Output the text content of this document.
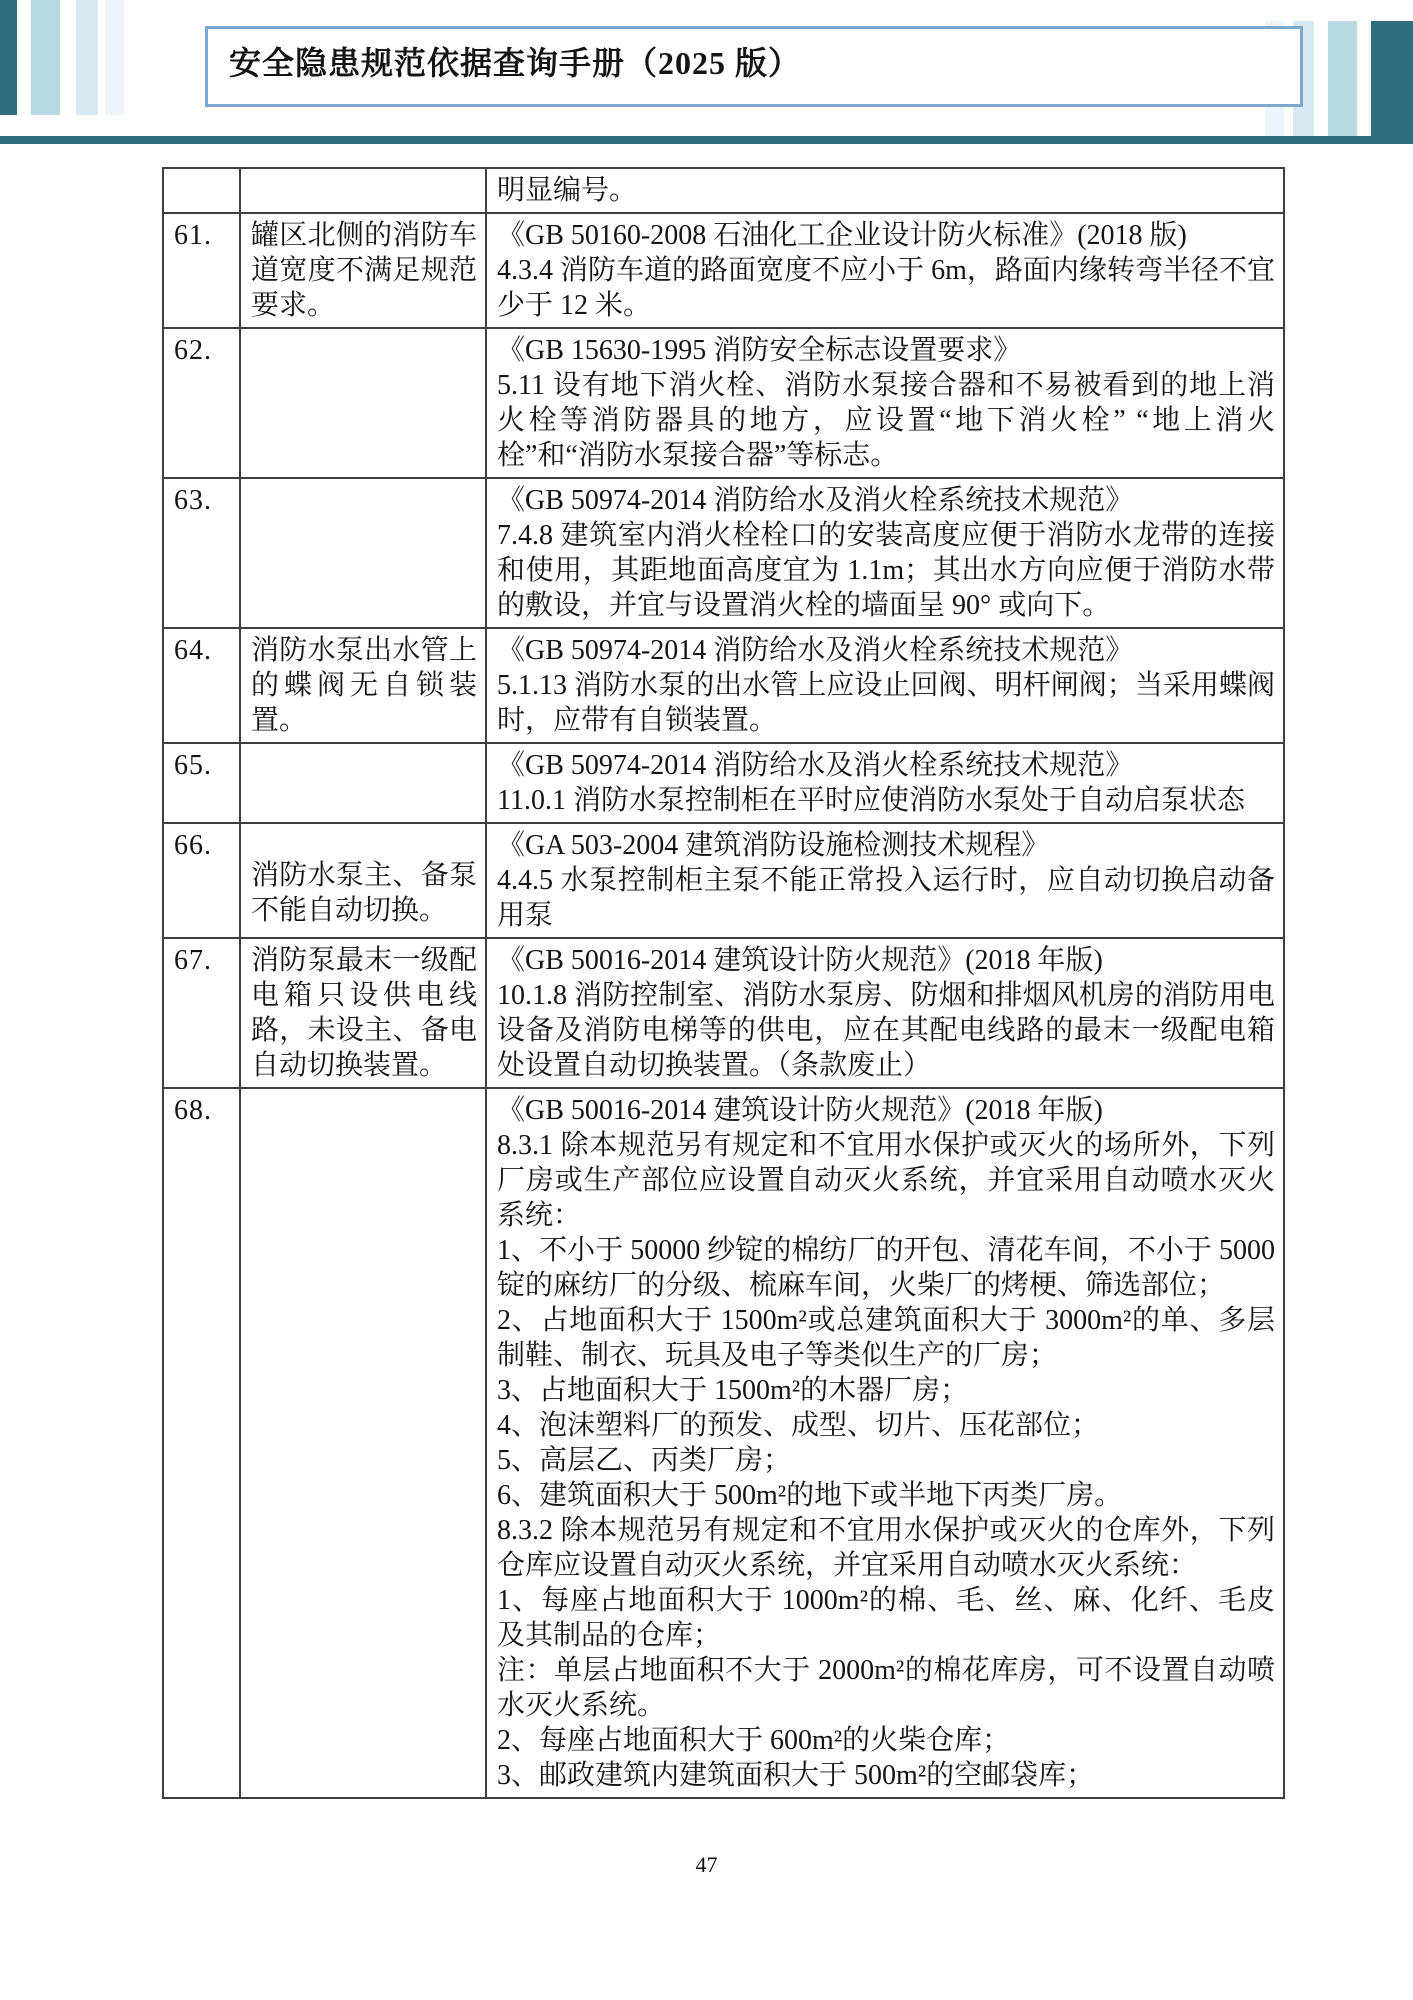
安全隐患规范依据查询手册（2025 版）

		明显编号。

61.	罐区北侧的消防车道宽度不满足规范要求。	《GB 50160-2008 石油化工企业设计防火标准》(2018 版)
4.3.4 消防车道的路面宽度不应小于 6m，路面内缘转弯半径不宜少于 12 米。

62.		《GB 15630-1995 消防安全标志设置要求》
5.11 设有地下消火栓、消防水泵接合器和不易被看到的地上消火栓等消防器具的地方，应设置“地下消火栓” “地上消火栓”和“消防水泵接合器”等标志。

63.		《GB 50974-2014 消防给水及消火栓系统技术规范》
7.4.8 建筑室内消火栓栓口的安装高度应便于消防水龙带的连接和使用，其距地面高度宜为 1.1m；其出水方向应便于消防水带的敷设，并宜与设置消火栓的墙面呈 90° 或向下。

64.	消防水泵出水管上的蝶阀无自锁装置。	《GB 50974-2014 消防给水及消火栓系统技术规范》
5.1.13 消防水泵的出水管上应设止回阀、明杆闸阀；当采用蝶阀时，应带有自锁装置。

65.		《GB 50974-2014 消防给水及消火栓系统技术规范》
11.0.1 消防水泵控制柜在平时应使消防水泵处于自动启泵状态

66.	消防水泵主、备泵不能自动切换。	《GA 503-2004 建筑消防设施检测技术规程》
4.4.5 水泵控制柜主泵不能正常投入运行时，应自动切换启动备用泵

67.	消防泵最末一级配电箱只设供电线路，未设主、备电自动切换装置。	《GB 50016-2014 建筑设计防火规范》(2018 年版)
10.1.8 消防控制室、消防水泵房、防烟和排烟风机房的消防用电设备及消防电梯等的供电，应在其配电线路的最末一级配电箱处设置自动切换装置。（条款废止）

68.		《GB 50016-2014 建筑设计防火规范》(2018 年版)
8.3.1 除本规范另有规定和不宜用水保护或灭火的场所外，下列厂房或生产部位应设置自动灭火系统，并宜采用自动喷水灭火系统：
1、不小于 50000 纱锭的棉纺厂的开包、清花车间，不小于 5000 锭的麻纺厂的分级、梳麻车间，火柴厂的烤梗、筛选部位；
2、占地面积大于 1500m²或总建筑面积大于 3000m²的单、多层制鞋、制衣、玩具及电子等类似生产的厂房；
3、占地面积大于 1500m²的木器厂房；
4、泡沫塑料厂的预发、成型、切片、压花部位；
5、高层乙、丙类厂房；
6、建筑面积大于 500m²的地下或半地下丙类厂房。
8.3.2 除本规范另有规定和不宜用水保护或灭火的仓库外，下列仓库应设置自动灭火系统，并宜采用自动喷水灭火系统：
1、每座占地面积大于 1000m²的棉、毛、丝、麻、化纤、毛皮及其制品的仓库；
注：单层占地面积不大于 2000m²的棉花库房，可不设置自动喷水灭火系统。
2、每座占地面积大于 600m²的火柴仓库；
3、邮政建筑内建筑面积大于 500m²的空邮袋库；
47
